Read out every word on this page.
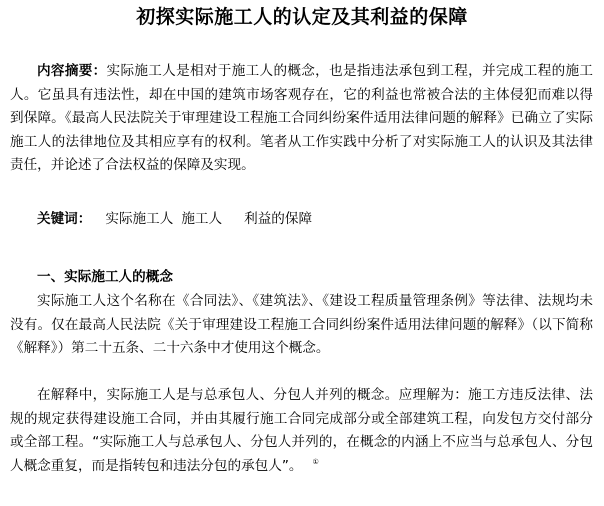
初探实际施工人的认定及其利益的保障

内容摘要：实际施工人是相对于施工人的概念，也是指违法承包到工程，并完成工程的施工人。它虽具有违法性，却在中国的建筑市场客观存在，它的利益也常被合法的主体侵犯而难以得到保障。《最高人民法院关于审理建设工程施工合同纠纷案件适用法律问题的解释》已确立了实际施工人的法律地位及其相应享有的权利。笔者从工作实践中分析了对实际施工人的认识及其法律责任，并论述了合法权益的保障及实现。

关键词： 实际施工人 施工人 利益的保障
一、实际施工人的概念

实际施工人这个名称在《合同法》、《建筑法》、《建设工程质量管理条例》等法律、法规均未没有。仅在最高人民法院《关于审理建设工程施工合同纠纷案件适用法律问题的解释》（以下简称《解释》）第二十五条、二十六条中才使用这个概念。

在解释中，实际施工人是与总承包人、分包人并列的概念。应理解为：施工方违反法律、法规的规定获得建设施工合同，并由其履行施工合同完成部分或全部建筑工程，向发包方交付部分或全部工程。“实际施工人与总承包人、分包人并列的，在概念的内涵上不应当与总承包人、分包人概念重复，而是指转包和违法分包的承包人”。 ①
